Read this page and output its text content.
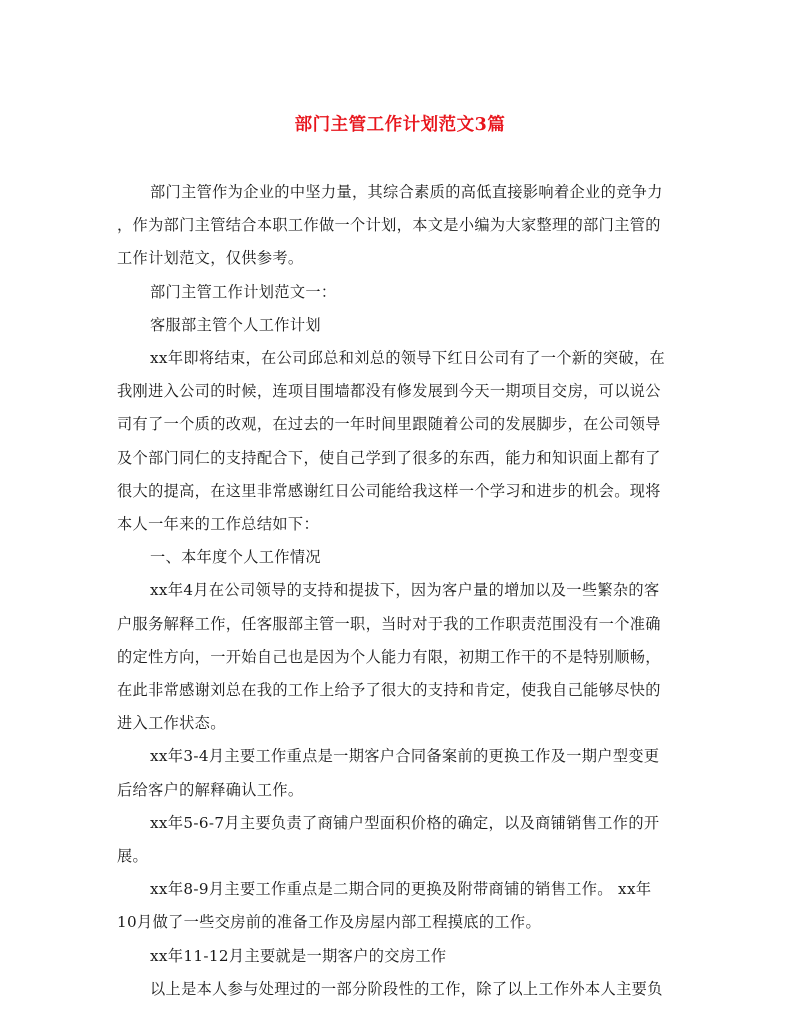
部门主管工作计划范文3篇
部门主管作为企业的中坚力量，其综合素质的高低直接影响着企业的竞争力
，作为部门主管结合本职工作做一个计划，本文是小编为大家整理的部门主管的
工作计划范文，仅供参考。
部门主管工作计划范文一：
客服部主管个人工作计划
xx年即将结束，在公司邱总和刘总的领导下红日公司有了一个新的突破，在
我刚进入公司的时候，连项目围墙都没有修发展到今天一期项目交房，可以说公
司有了一个质的改观，在过去的一年时间里跟随着公司的发展脚步，在公司领导
及个部门同仁的支持配合下，使自己学到了很多的东西，能力和知识面上都有了
很大的提高，在这里非常感谢红日公司能给我这样一个学习和进步的机会。现将
本人一年来的工作总结如下：
一、本年度个人工作情况
xx年4月在公司领导的支持和提拔下，因为客户量的增加以及一些繁杂的客
户服务解释工作，任客服部主管一职，当时对于我的工作职责范围没有一个准确
的定性方向，一开始自己也是因为个人能力有限，初期工作干的不是特别顺畅，
在此非常感谢刘总在我的工作上给予了很大的支持和肯定，使我自己能够尽快的
进入工作状态。
xx年3-4月主要工作重点是一期客户合同备案前的更换工作及一期户型变更
后给客户的解释确认工作。
xx年5-6-7月主要负责了商铺户型面积价格的确定，以及商铺销售工作的开
展。
xx年8-9月主要工作重点是二期合同的更换及附带商铺的销售工作。 xx年
10月做了一些交房前的准备工作及房屋内部工程摸底的工作。
xx年11-12月主要就是一期客户的交房工作
以上是本人参与处理过的一部分阶段性的工作，除了以上工作外本人主要负
